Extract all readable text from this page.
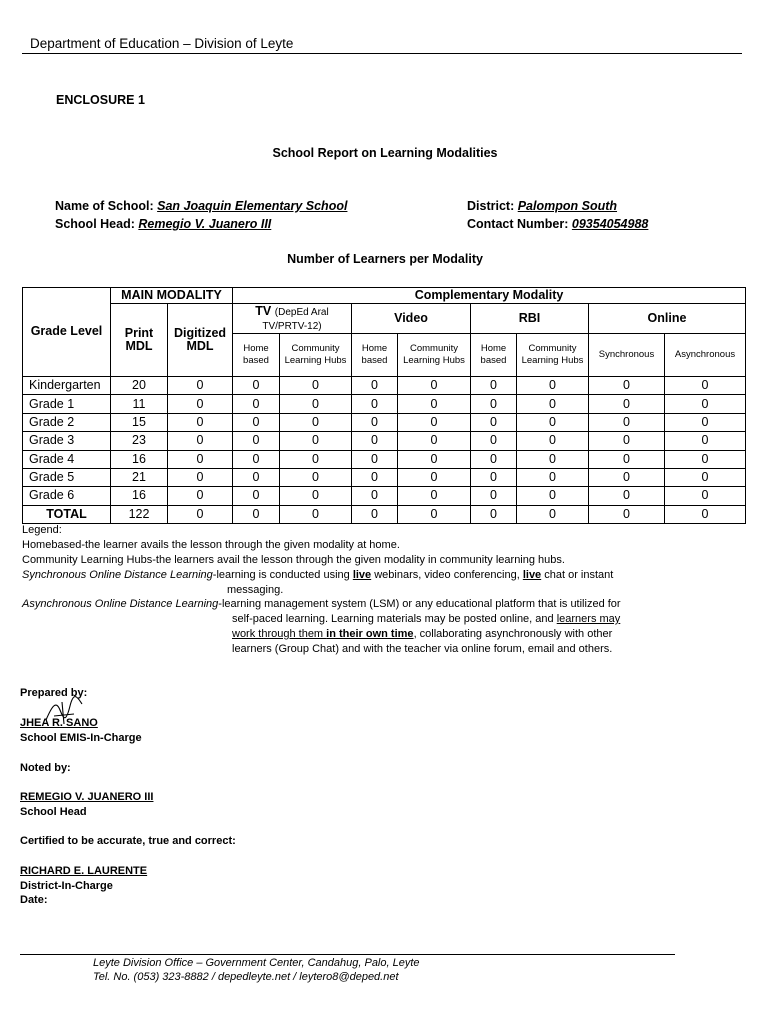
Department of Education – Division of Leyte
ENCLOSURE 1
School Report on Learning Modalities
Name of School: San Joaquin Elementary School	District: Palompon South
School Head: Remegio V. Juanero III	Contact Number: 09354054988
Number of Learners per Modality
Grade Level	MAIN MODALITY		Complementary Modality							
	Print MDL	Digitized MDL	TV (DepEd Aral TV/PRTV-12)		Video		RBI		Online	
			Home based	Community Learning Hubs	Home based	Community Learning Hubs	Home based	Community Learning Hubs	Synchronous	Asynchronous
Kindergarten	20	0	0	0	0	0	0	0	0	0
Grade 1	11	0	0	0	0	0	0	0	0	0
Grade 2	15	0	0	0	0	0	0	0	0	0
Grade 3	23	0	0	0	0	0	0	0	0	0
Grade 4	16	0	0	0	0	0	0	0	0	0
Grade 5	21	0	0	0	0	0	0	0	0	0
Grade 6	16	0	0	0	0	0	0	0	0	0
TOTAL	122	0	0	0	0	0	0	0	0	0
Legend:
Homebased-the learner avails the lesson through the given modality at home.
Community Learning Hubs-the learners avail the lesson through the given modality in community learning hubs.
Synchronous Online Distance Learning-learning is conducted using live webinars, video conferencing, live chat or instant
messaging.
Asynchronous Online Distance Learning-learning management system (LSM) or any educational platform that is utilized for
self-paced learning. Learning materials may be posted online, and learners may
work through them in their own time, collaborating asynchronously with other
learners (Group Chat) and with the teacher via online forum, email and others.
Prepared by:
JHEA R. SANO
School EMIS-In-Charge
Noted by:
REMEGIO V. JUANERO III
School Head
Certified to be accurate, true and correct:
RICHARD E. LAURENTE
District-In-Charge
Date:
Leyte Division Office – Government Center, Candahug, Palo, Leyte
Tel. No. (053) 323-8882 / depedleyte.net / leytero8@deped.net
